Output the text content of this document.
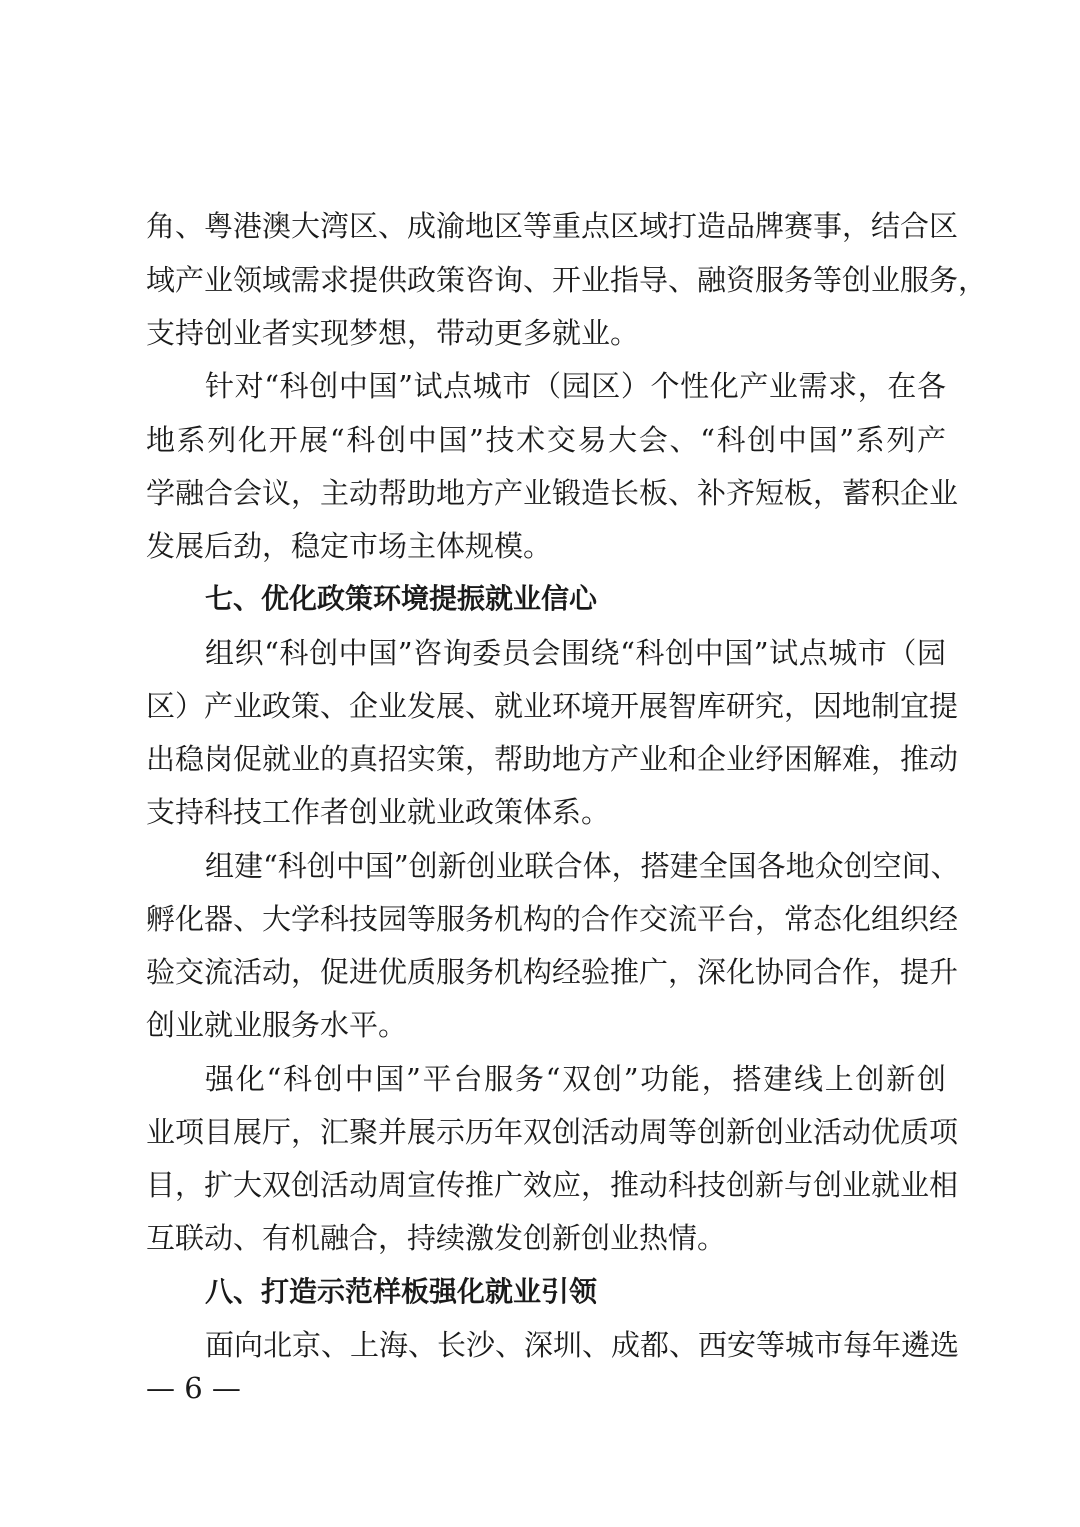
角、粤港澳大湾区、成渝地区等重点区域打造品牌赛事，结合区
域产业领域需求提供政策咨询、开业指导、融资服务等创业服务，
支持创业者实现梦想，带动更多就业。
针对“科创中国”试点城市（园区）个性化产业需求，在各
地系列化开展“科创中国”技术交易大会、“科创中国”系列产
学融合会议，主动帮助地方产业锻造长板、补齐短板，蓄积企业
发展后劲，稳定市场主体规模。
七、优化政策环境提振就业信心
组织“科创中国”咨询委员会围绕“科创中国”试点城市（园
区）产业政策、企业发展、就业环境开展智库研究，因地制宜提
出稳岗促就业的真招实策，帮助地方产业和企业纾困解难，推动
支持科技工作者创业就业政策体系。
组建“科创中国”创新创业联合体，搭建全国各地众创空间、
孵化器、大学科技园等服务机构的合作交流平台，常态化组织经
验交流活动，促进优质服务机构经验推广，深化协同合作，提升
创业就业服务水平。
强化“科创中国”平台服务“双创”功能，搭建线上创新创
业项目展厅，汇聚并展示历年双创活动周等创新创业活动优质项
目，扩大双创活动周宣传推广效应，推动科技创新与创业就业相
互联动、有机融合，持续激发创新创业热情。
八、打造示范样板强化就业引领
面向北京、上海、长沙、深圳、成都、西安等城市每年遴选
— 6 —
